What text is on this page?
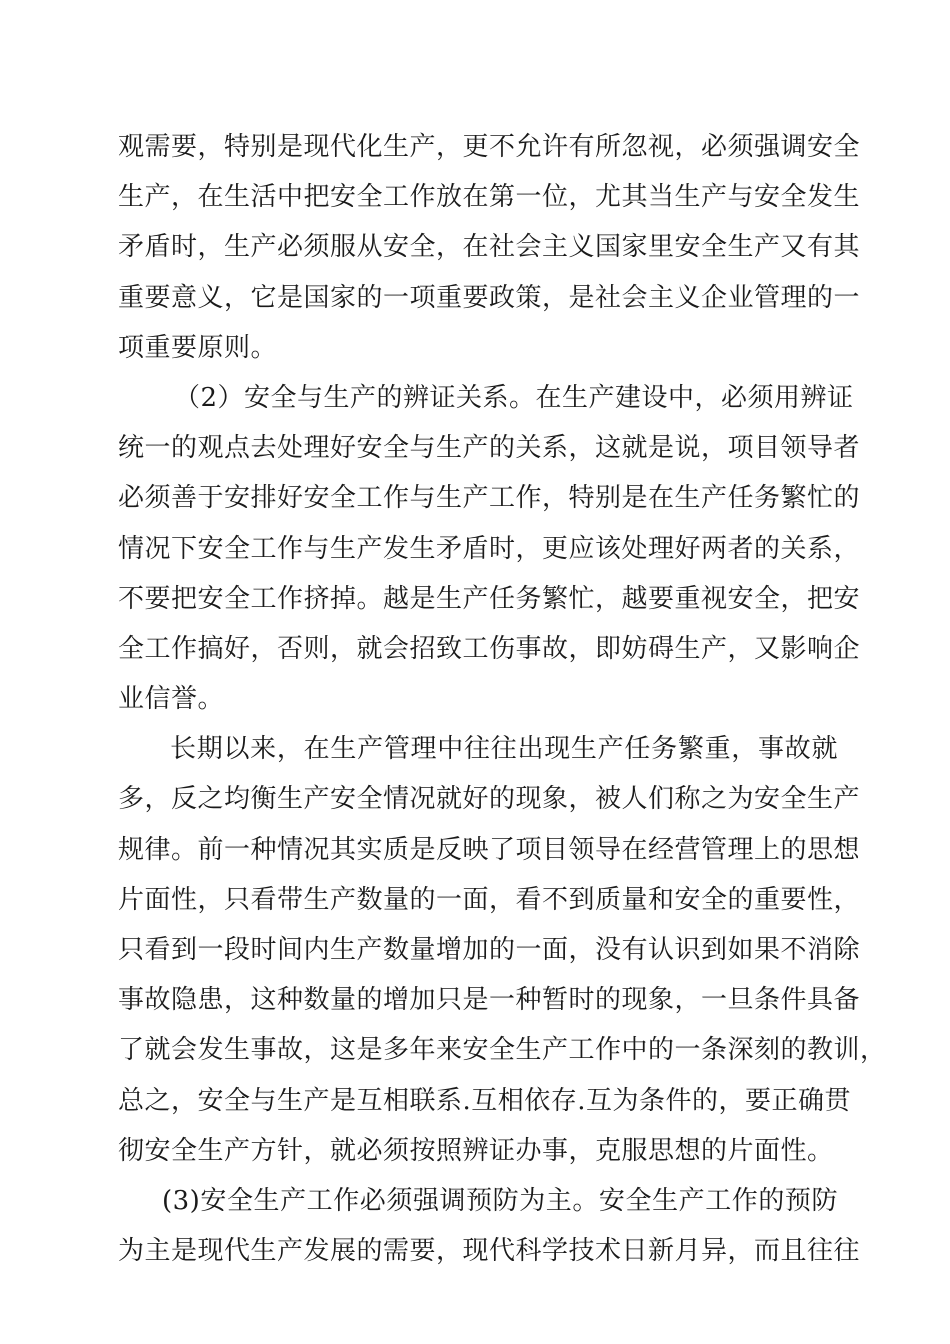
观需要，特别是现代化生产，更不允许有所忽视，必须强调安全
生产，在生活中把安全工作放在第一位，尤其当生产与安全发生
矛盾时，生产必须服从安全，在社会主义国家里安全生产又有其
重要意义，它是国家的一项重要政策，是社会主义企业管理的一
项重要原则。
（2）安全与生产的辨证关系。在生产建设中，必须用辨证
统一的观点去处理好安全与生产的关系，这就是说，项目领导者
必须善于安排好安全工作与生产工作，特别是在生产任务繁忙的
情况下安全工作与生产发生矛盾时，更应该处理好两者的关系，
不要把安全工作挤掉。越是生产任务繁忙，越要重视安全，把安
全工作搞好，否则，就会招致工伤事故，即妨碍生产，又影响企
业信誉。
长期以来，在生产管理中往往出现生产任务繁重，事故就
多，反之均衡生产安全情况就好的现象，被人们称之为安全生产
规律。前一种情况其实质是反映了项目领导在经营管理上的思想
片面性，只看带生产数量的一面，看不到质量和安全的重要性，
只看到一段时间内生产数量增加的一面，没有认识到如果不消除
事故隐患，这种数量的增加只是一种暂时的现象，一旦条件具备
了就会发生事故，这是多年来安全生产工作中的一条深刻的教训，
总之，安全与生产是互相联系.互相依存.互为条件的，要正确贯
彻安全生产方针，就必须按照辨证办事，克服思想的片面性。
(3)安全生产工作必须强调预防为主。安全生产工作的预防
为主是现代生产发展的需要，现代科学技术日新月异，而且往往
